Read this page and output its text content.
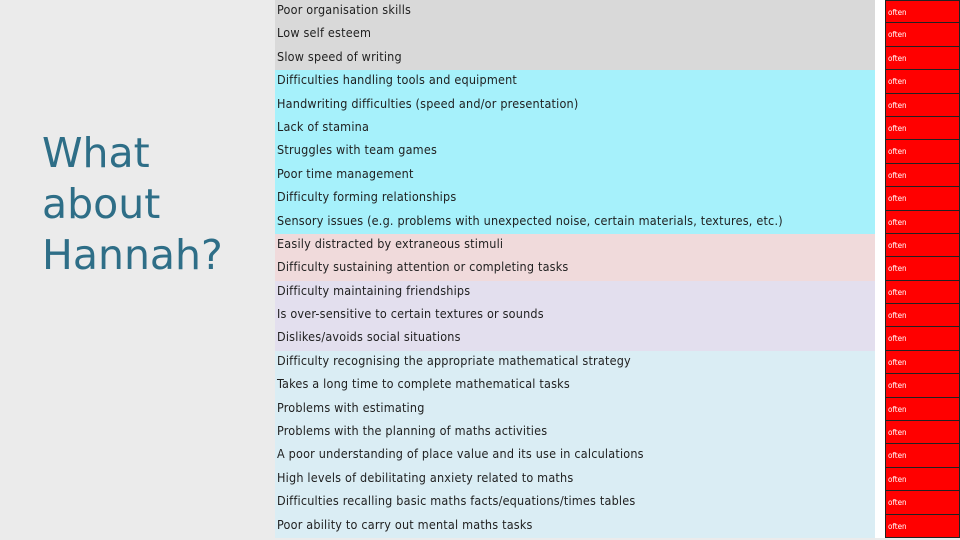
What
about
Hannah?
Poor organisation skills	often
Low self esteem	often
Slow speed of writing	often
Difficulties handling tools and equipment	often
Handwriting difficulties (speed and/or presentation)	often
Lack of stamina	often
Struggles with team games	often
Poor time management	often
Difficulty forming relationships	often
Sensory issues (e.g. problems with unexpected noise, certain materials, textures, etc.)	often
Easily distracted by extraneous stimuli	often
Difficulty sustaining attention or completing tasks	often
Difficulty maintaining friendships	often
Is over-sensitive to certain textures or sounds	often
Dislikes/avoids social situations	often
Difficulty recognising the appropriate mathematical strategy	often
Takes a long time to complete mathematical tasks	often
Problems with estimating	often
Problems with the planning of maths activities	often
A poor understanding of place value and its use in calculations	often
High levels of debilitating anxiety related to maths	often
Difficulties recalling basic maths facts/equations/times tables	often
Poor ability to carry out mental maths tasks	often
